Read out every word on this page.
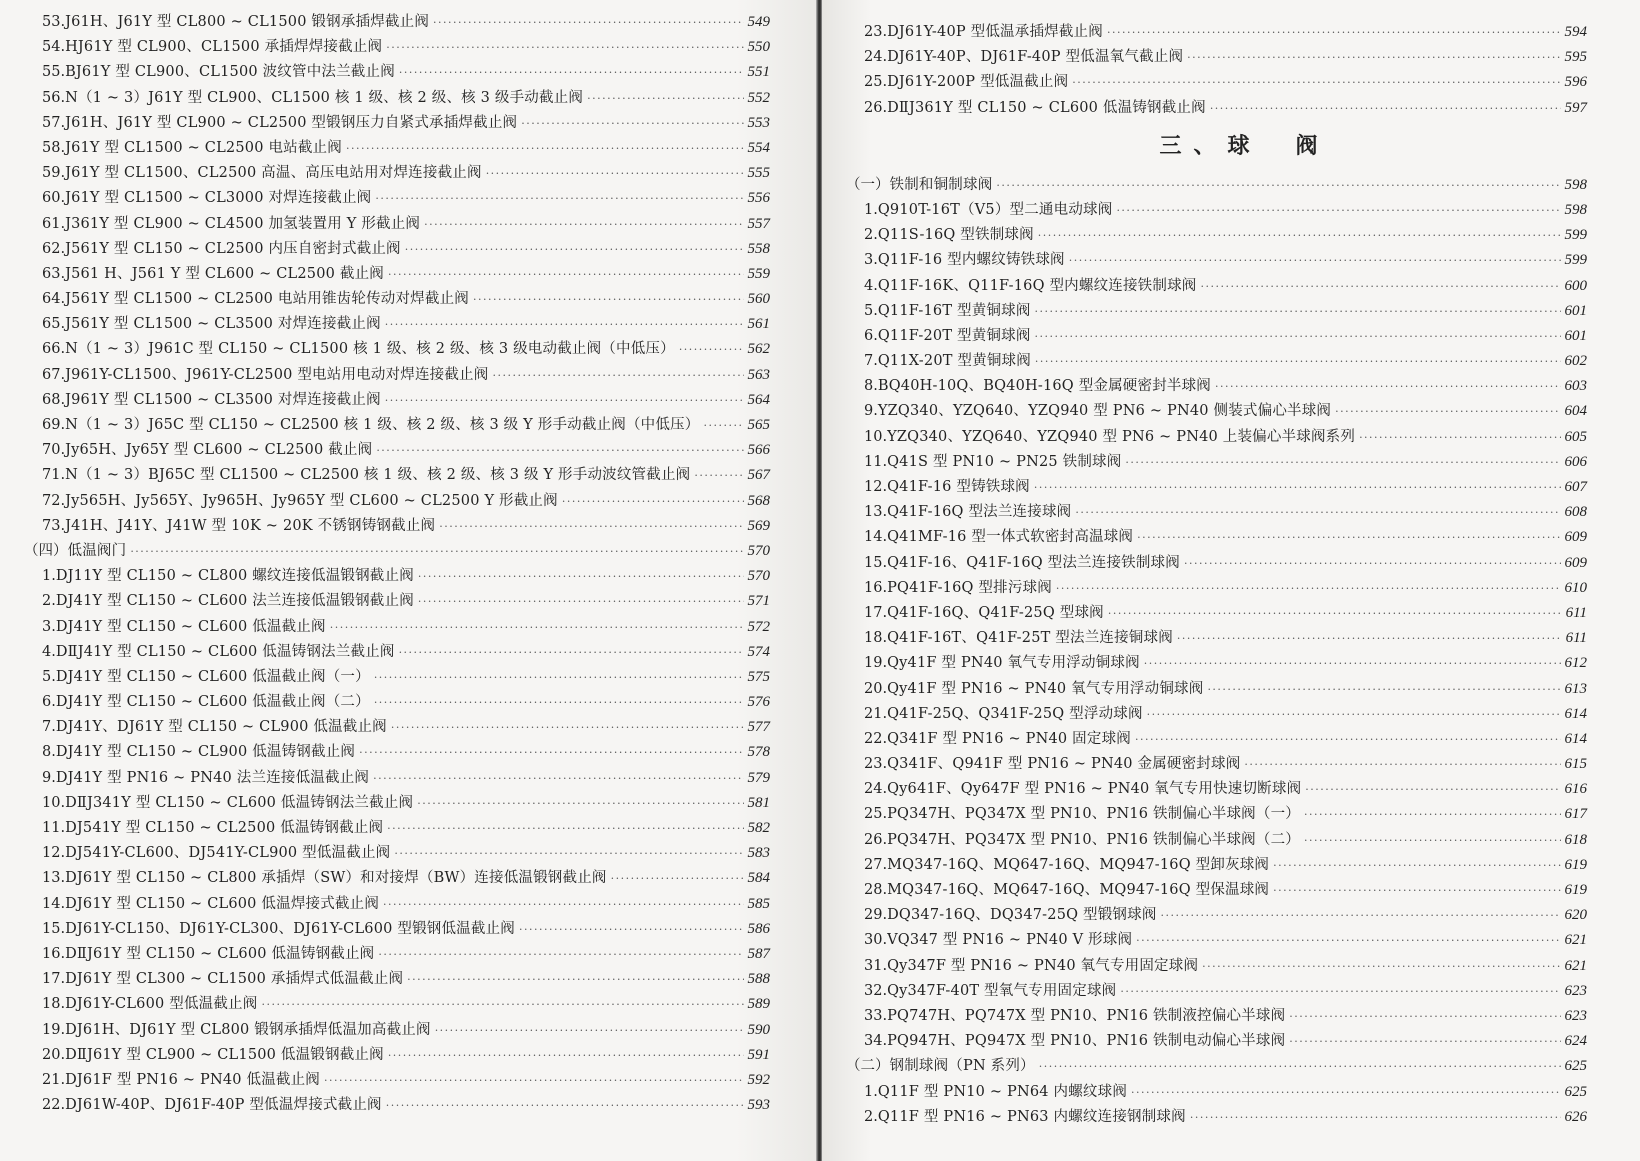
53. J61H、J61Y 型 CL800 ~ CL1500 锻钢承插焊截止阀 ·····	549
54. HJ61Y 型 CL900、CL1500 承插焊焊接截止阀 ·····	550
55. BJ61Y 型 CL900、CL1500 波纹管中法兰截止阀 ·····	551
56. N（1 ~ 3）J61Y 型 CL900、CL1500 核 1 级、核 2 级、核 3 级手动截止阀 ·····	552
57. J61H、J61Y 型 CL900 ~ CL2500 型锻钢压力自紧式承插焊截止阀 ·····	553
58. J61Y 型 CL1500 ~ CL2500 电站截止阀 ·····	554
59. J61Y 型 CL1500、CL2500 高温、高压电站用对焊连接截止阀 ·····	555
60. J61Y 型 CL1500 ~ CL3000 对焊连接截止阀 ·····	556
61. J361Y 型 CL900 ~ CL4500 加氢装置用 Y 形截止阀 ·····	557
62. J561Y 型 CL150 ~ CL2500 内压自密封式截止阀 ·····	558
63. J561 H、J561 Y 型 CL600 ~ CL2500 截止阀 ·····	559
64. J561Y 型 CL1500 ~ CL2500 电站用锥齿轮传动对焊截止阀 ·····	560
65. J561Y 型 CL1500 ~ CL3500 对焊连接截止阀 ·····	561
66. N（1 ~ 3）J961C 型 CL150 ~ CL1500 核 1 级、核 2 级、核 3 级电动截止阀（中低压） ·····	562
67. J961Y-CL1500、J961Y-CL2500 型电站用电动对焊连接截止阀 ·····	563
68. J961Y 型 CL1500 ~ CL3500 对焊连接截止阀 ·····	564
69. N（1 ~ 3）J65C 型 CL150 ~ CL2500 核 1 级、核 2 级、核 3 级 Y 形手动截止阀（中低压） ·····	565
70. Jy65H、Jy65Y 型 CL600 ~ CL2500 截止阀 ·····	566
71. N（1 ~ 3）BJ65C 型 CL1500 ~ CL2500 核 1 级、核 2 级、核 3 级 Y 形手动波纹管截止阀 ·····	567
72. Jy565H、Jy565Y、Jy965H、Jy965Y 型 CL600 ~ CL2500 Y 形截止阀 ·····	568
73. J41H、J41Y、J41W 型 10K ~ 20K 不锈钢铸钢截止阀 ·····	569
（四） 低温阀门 ·····	570
1. DJ11Y 型 CL150 ~ CL800 螺纹连接低温锻钢截止阀 ·····	570
2. DJ41Y 型 CL150 ~ CL600 法兰连接低温锻钢截止阀 ·····	571
3. DJ41Y 型 CL150 ~ CL600 低温截止阀 ·····	572
4. DⅡJ41Y 型 CL150 ~ CL600 低温铸钢法兰截止阀 ·····	574
5. DJ41Y 型 CL150 ~ CL600 低温截止阀（一） ·····	575
6. DJ41Y 型 CL150 ~ CL600 低温截止阀（二） ·····	576
7. DJ41Y、DJ61Y 型 CL150 ~ CL900 低温截止阀 ·····	577
8. DJ41Y 型 CL150 ~ CL900 低温铸钢截止阀 ·····	578
9. DJ41Y 型 PN16 ~ PN40 法兰连接低温截止阀 ·····	579
10. DⅡJ341Y 型 CL150 ~ CL600 低温铸钢法兰截止阀 ·····	581
11. DJ541Y 型 CL150 ~ CL2500 低温铸钢截止阀 ·····	582
12. DJ541Y-CL600、DJ541Y-CL900 型低温截止阀 ·····	583
13. DJ61Y 型 CL150 ~ CL800 承插焊（SW）和对接焊（BW）连接低温锻钢截止阀 ·····	584
14. DJ61Y 型 CL150 ~ CL600 低温焊接式截止阀 ·····	585
15. DJ61Y-CL150、DJ61Y-CL300、DJ61Y-CL600 型锻钢低温截止阀 ·····	586
16. DⅡJ61Y 型 CL150 ~ CL600 低温铸钢截止阀 ·····	587
17. DJ61Y 型 CL300 ~ CL1500 承插焊式低温截止阀 ·····	588
18. DJ61Y-CL600 型低温截止阀 ·····	589
19. DJ61H、DJ61Y 型 CL800 锻钢承插焊低温加高截止阀 ·····	590
20. DⅡJ61Y 型 CL900 ~ CL1500 低温锻钢截止阀 ·····	591
21. DJ61F 型 PN16 ~ PN40 低温截止阀 ·····	592
22. DJ61W-40P、DJ61F-40P 型低温焊接式截止阀 ·····	593
23. DJ61Y-40P 型低温承插焊截止阀 ·····	594
24. DJ61Y-40P、DJ61F-40P 型低温氧气截止阀 ·····	595
25. DJ61Y-200P 型低温截止阀 ·····	596
26. DⅡJ361Y 型 CL150 ~ CL600 低温铸钢截止阀 ·····	597
三、球　阀
（一） 铁制和铜制球阀 ·····	598
1. Q910T-16T（V5）型二通电动球阀 ·····	598
2. Q11S-16Q 型铁制球阀 ·····	599
3. Q11F-16 型内螺纹铸铁球阀 ·····	599
4. Q11F-16K、Q11F-16Q 型内螺纹连接铁制球阀 ·····	600
5. Q11F-16T 型黄铜球阀 ·····	601
6. Q11F-20T 型黄铜球阀 ·····	601
7. Q11X-20T 型黄铜球阀 ·····	602
8. BQ40H-10Q、BQ40H-16Q 型金属硬密封半球阀 ·····	603
9. YZQ340、YZQ640、YZQ940 型 PN6 ~ PN40 侧装式偏心半球阀 ·····	604
10. YZQ340、YZQ640、YZQ940 型 PN6 ~ PN40 上装偏心半球阀系列 ·····	605
11. Q41S 型 PN10 ~ PN25 铁制球阀 ·····	606
12. Q41F-16 型铸铁球阀 ·····	607
13. Q41F-16Q 型法兰连接球阀 ·····	608
14. Q41MF-16 型一体式软密封高温球阀 ·····	609
15. Q41F-16、Q41F-16Q 型法兰连接铁制球阀 ·····	609
16. PQ41F-16Q 型排污球阀 ·····	610
17. Q41F-16Q、Q41F-25Q 型球阀 ·····	611
18. Q41F-16T、Q41F-25T 型法兰连接铜球阀 ·····	611
19. Qy41F 型 PN40 氧气专用浮动铜球阀 ·····	612
20. Qy41F 型 PN16 ~ PN40 氧气专用浮动铜球阀 ·····	613
21. Q41F-25Q、Q341F-25Q 型浮动球阀 ·····	614
22. Q341F 型 PN16 ~ PN40 固定球阀 ·····	614
23. Q341F、Q941F 型 PN16 ~ PN40 金属硬密封球阀 ·····	615
24. Qy641F、Qy647F 型 PN16 ~ PN40 氧气专用快速切断球阀 ·····	616
25. PQ347H、PQ347X 型 PN10、PN16 铁制偏心半球阀（一） ·····	617
26. PQ347H、PQ347X 型 PN10、PN16 铁制偏心半球阀（二） ·····	618
27. MQ347-16Q、MQ647-16Q、MQ947-16Q 型卸灰球阀 ·····	619
28. MQ347-16Q、MQ647-16Q、MQ947-16Q 型保温球阀 ·····	619
29. DQ347-16Q、DQ347-25Q 型锻钢球阀 ·····	620
30. VQ347 型 PN16 ~ PN40 V 形球阀 ·····	621
31. Qy347F 型 PN16 ~ PN40 氧气专用固定球阀 ·····	621
32. Qy347F-40T 型氧气专用固定球阀 ·····	623
33. PQ747H、PQ747X 型 PN10、PN16 铁制液控偏心半球阀 ·····	623
34. PQ947H、PQ947X 型 PN10、PN16 铁制电动偏心半球阀 ·····	624
（二） 钢制球阀（PN 系列） ·····	625
1. Q11F 型 PN10 ~ PN64 内螺纹球阀 ·····	625
2. Q11F 型 PN16 ~ PN63 内螺纹连接钢制球阀 ·····	626
